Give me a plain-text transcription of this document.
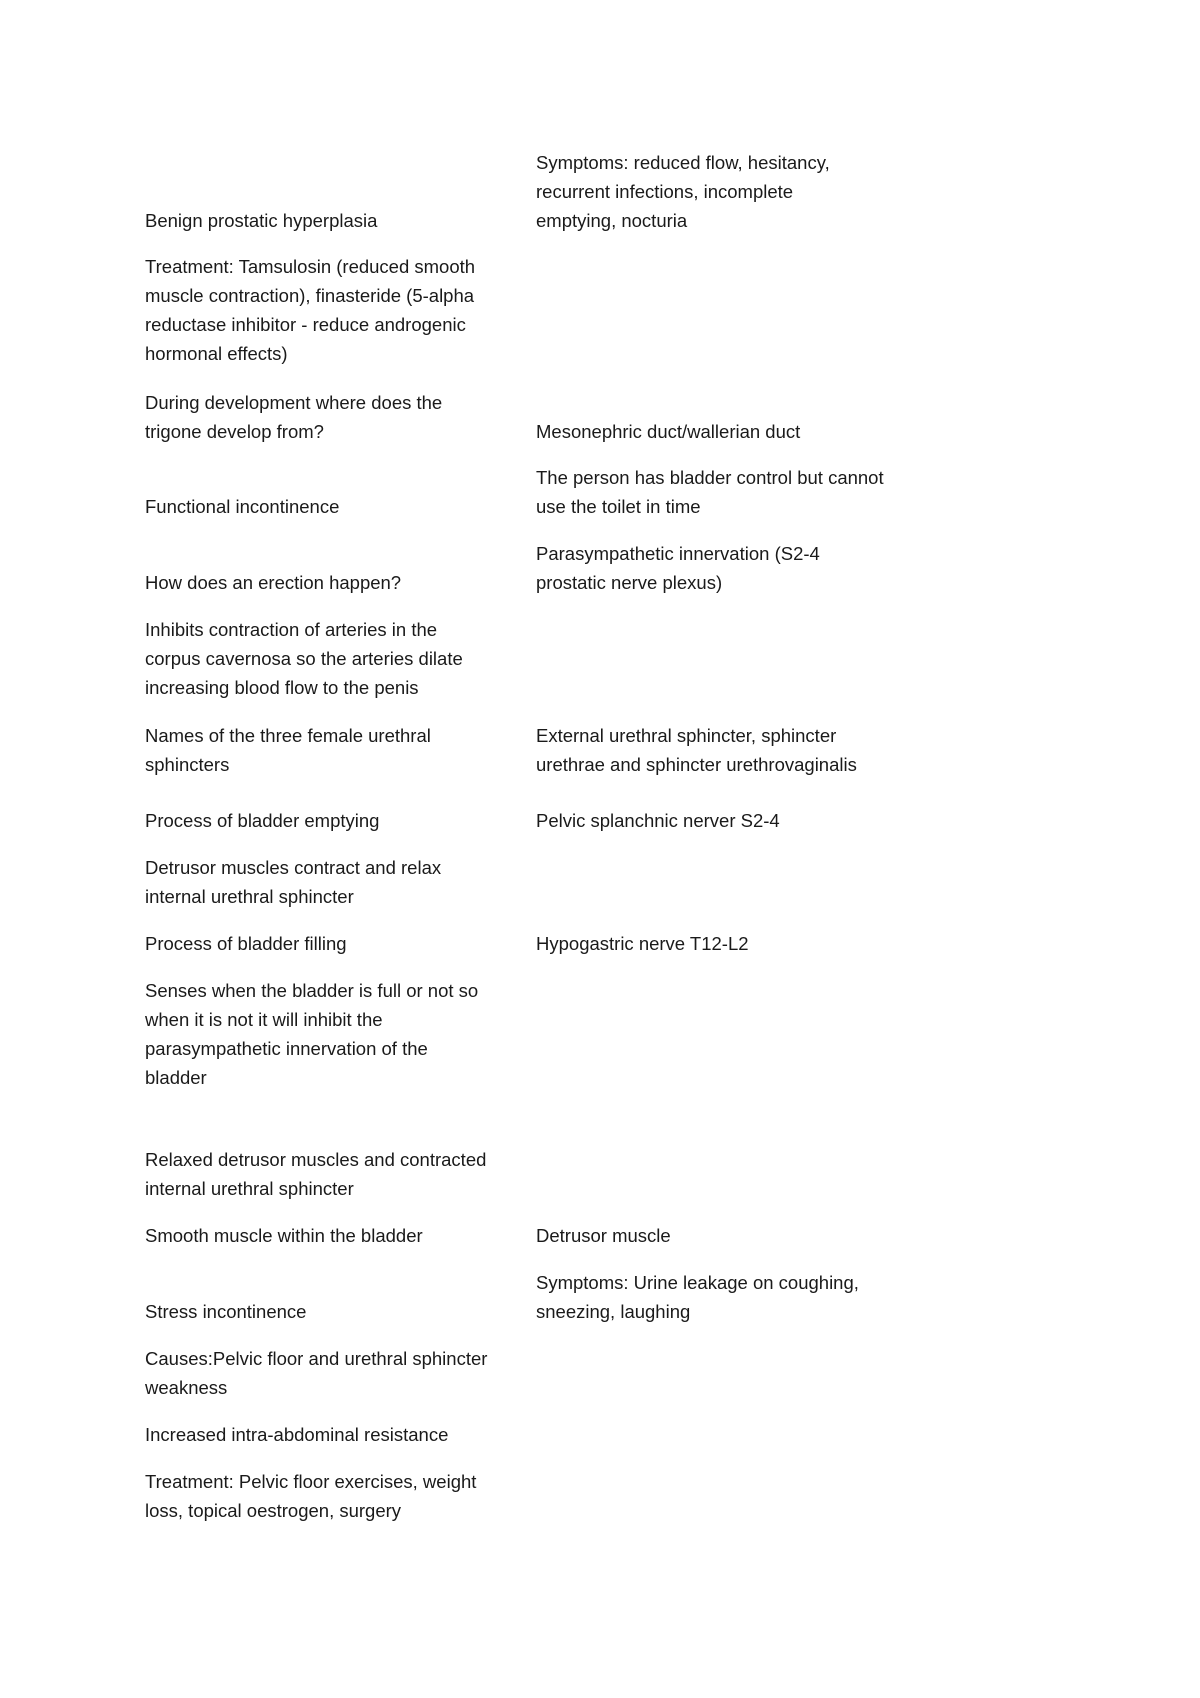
Benign prostatic hyperplasia

Treatment: Tamsulosin (reduced smooth
muscle contraction), finasteride (5-alpha
reductase inhibitor - reduce androgenic
hormonal effects)

During development where does the
trigone develop from?

Functional incontinence

How does an erection happen?

Inhibits contraction of arteries in the
corpus cavernosa so the arteries dilate
increasing blood flow to the penis

Names of the three female urethral
sphincters

Process of bladder emptying

Detrusor muscles contract and relax
internal urethral sphincter

Process of bladder filling

Senses when the bladder is full or not so
when it is not it will inhibit the
parasympathetic innervation of the
bladder

Relaxed detrusor muscles and contracted
internal urethral sphincter

Smooth muscle within the bladder

Stress incontinence

Causes:Pelvic floor and urethral sphincter
weakness

Increased intra-abdominal resistance

Treatment: Pelvic floor exercises, weight
loss, topical oestrogen, surgery

Symptoms: reduced flow, hesitancy,
recurrent infections, incomplete
emptying, nocturia

Mesonephric duct/wallerian duct

The person has bladder control but cannot
use the toilet in time

Parasympathetic innervation (S2-4
prostatic nerve plexus)

External urethral sphincter, sphincter
urethrae and sphincter urethrovaginalis

Pelvic splanchnic nerver S2-4

Hypogastric nerve T12-L2

Detrusor muscle

Symptoms: Urine leakage on coughing,
sneezing, laughing
